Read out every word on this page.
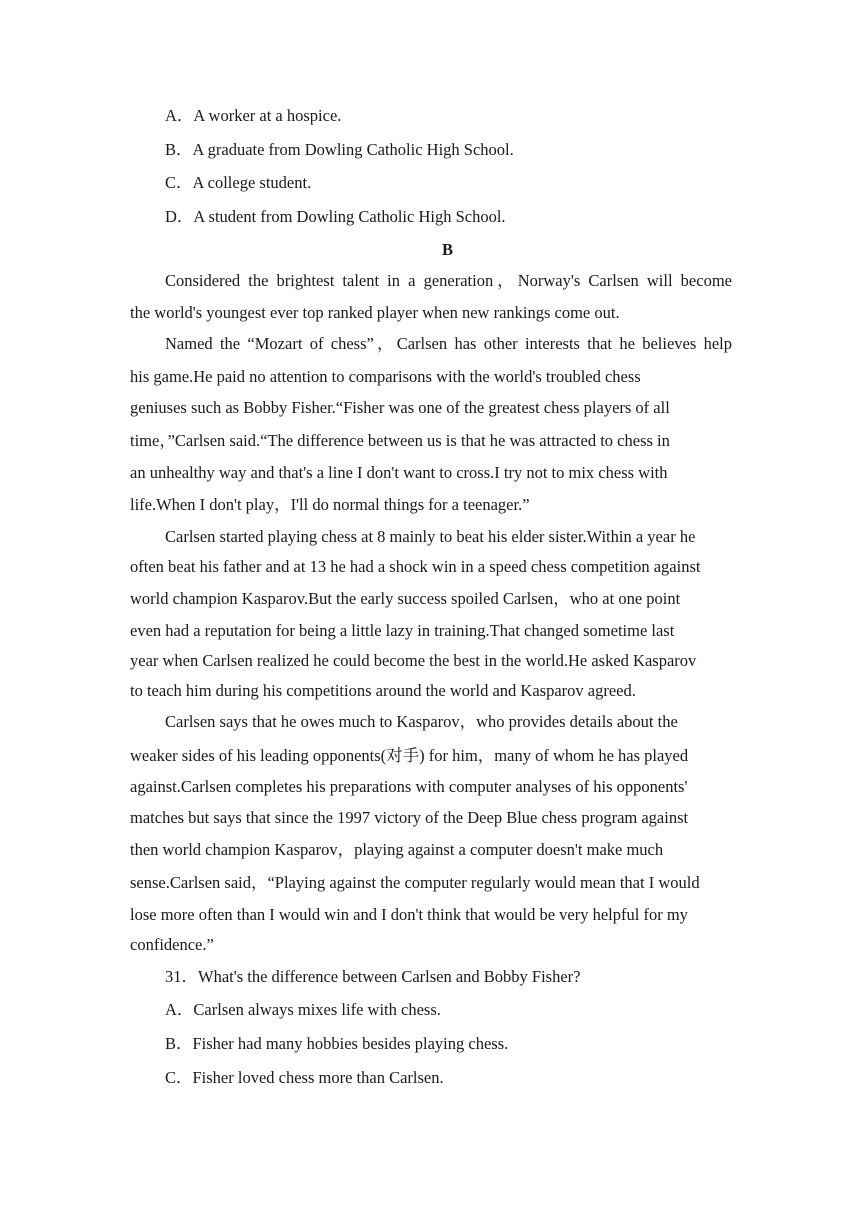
A．A worker at a hospice.
B．A graduate from Dowling Catholic High School.
C．A college student.
D．A student from Dowling Catholic High School.
B
Considered the brightest talent in a generation，Norway's Carlsen will become
the world's youngest ever top ranked player when new rankings come out.
Named the “Mozart of chess”，Carlsen has other interests that he believes help
his game.He paid no attention to comparisons with the world's troubled chess
geniuses such as Bobby Fisher.“Fisher was one of the greatest chess players of all
time，”Carlsen said.“The difference between us is that he was attracted to chess in
an unhealthy way and that's a line I don't want to cross.I try not to mix chess with
life.When I don't play，I'll do normal things for a teenager.”
Carlsen started playing chess at 8 mainly to beat his elder sister.Within a year he
often beat his father and at 13 he had a shock win in a speed chess competition against
world champion Kasparov.But the early success spoiled Carlsen，who at one point
even had a reputation for being a little lazy in training.That changed sometime last
year when Carlsen realized he could become the best in the world.He asked Kasparov
to teach him during his competitions around the world and Kasparov agreed.
Carlsen says that he owes much to Kasparov，who provides details about the
weaker sides of his leading opponents(对手) for him，many of whom he has played
against.Carlsen completes his preparations with computer analyses of his opponents'
matches but says that since the 1997 victory of the Deep Blue chess program against
then world champion Kasparov，playing against a computer doesn't make much
sense.Carlsen said，“Playing against the computer regularly would mean that I would
lose more often than I would win and I don't think that would be very helpful for my
confidence.”
31．What's the difference between Carlsen and Bobby Fisher?
A．Carlsen always mixes life with chess.
B．Fisher had many hobbies besides playing chess.
C．Fisher loved chess more than Carlsen.
